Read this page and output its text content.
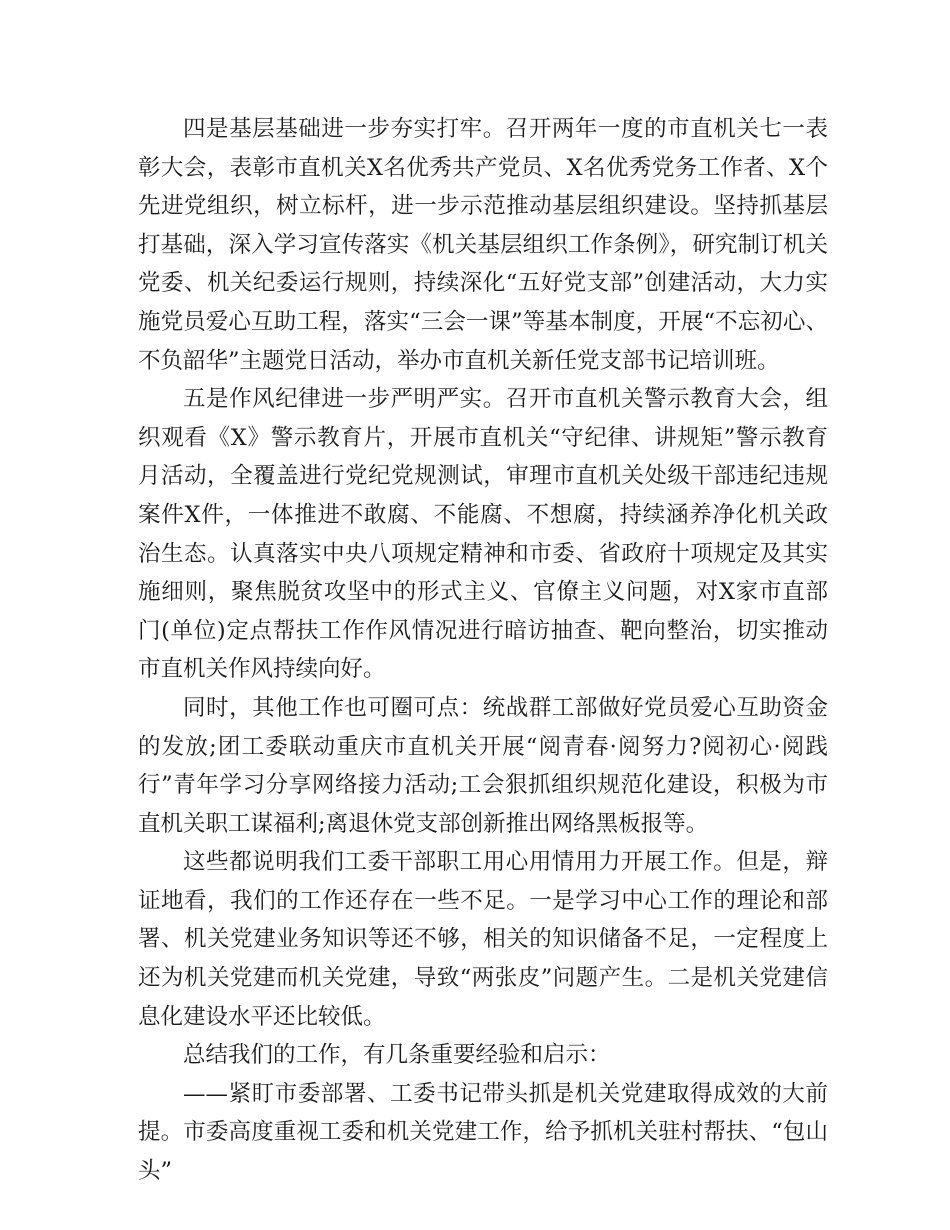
四是基层基础进一步夯实打牢。召开两年一度的市直机关七一表彰大会，表彰市直机关X名优秀共产党员、X名优秀党务工作者、X个先进党组织，树立标杆，进一步示范推动基层组织建设。坚持抓基层打基础，深入学习宣传落实《机关基层组织工作条例》，研究制订机关党委、机关纪委运行规则，持续深化“五好党支部”创建活动，大力实施党员爱心互助工程，落实“三会一课”等基本制度，开展“不忘初心、不负韶华”主题党日活动，举办市直机关新任党支部书记培训班。

五是作风纪律进一步严明严实。召开市直机关警示教育大会，组织观看《X》警示教育片，开展市直机关“守纪律、讲规矩”警示教育月活动，全覆盖进行党纪党规测试，审理市直机关处级干部违纪违规案件X件，一体推进不敢腐、不能腐、不想腐，持续涵养净化机关政治生态。认真落实中央八项规定精神和市委、省政府十项规定及其实施细则，聚焦脱贫攻坚中的形式主义、官僚主义问题，对X家市直部门(单位)定点帮扶工作作风情况进行暗访抽查、靶向整治，切实推动市直机关作风持续向好。

同时，其他工作也可圈可点：统战群工部做好党员爱心互助资金的发放;团工委联动重庆市直机关开展“阅青春·阅努力?阅初心·阅践行”青年学习分享网络接力活动;工会狠抓组织规范化建设，积极为市直机关职工谋福利;离退休党支部创新推出网络黑板报等。

这些都说明我们工委干部职工用心用情用力开展工作。但是，辩证地看，我们的工作还存在一些不足。一是学习中心工作的理论和部署、机关党建业务知识等还不够，相关的知识储备不足，一定程度上还为机关党建而机关党建，导致“两张皮”问题产生。二是机关党建信息化建设水平还比较低。

总结我们的工作，有几条重要经验和启示：

——紧盯市委部署、工委书记带头抓是机关党建取得成效的大前提。市委高度重视工委和机关党建工作，给予抓机关驻村帮扶、“包山头”
